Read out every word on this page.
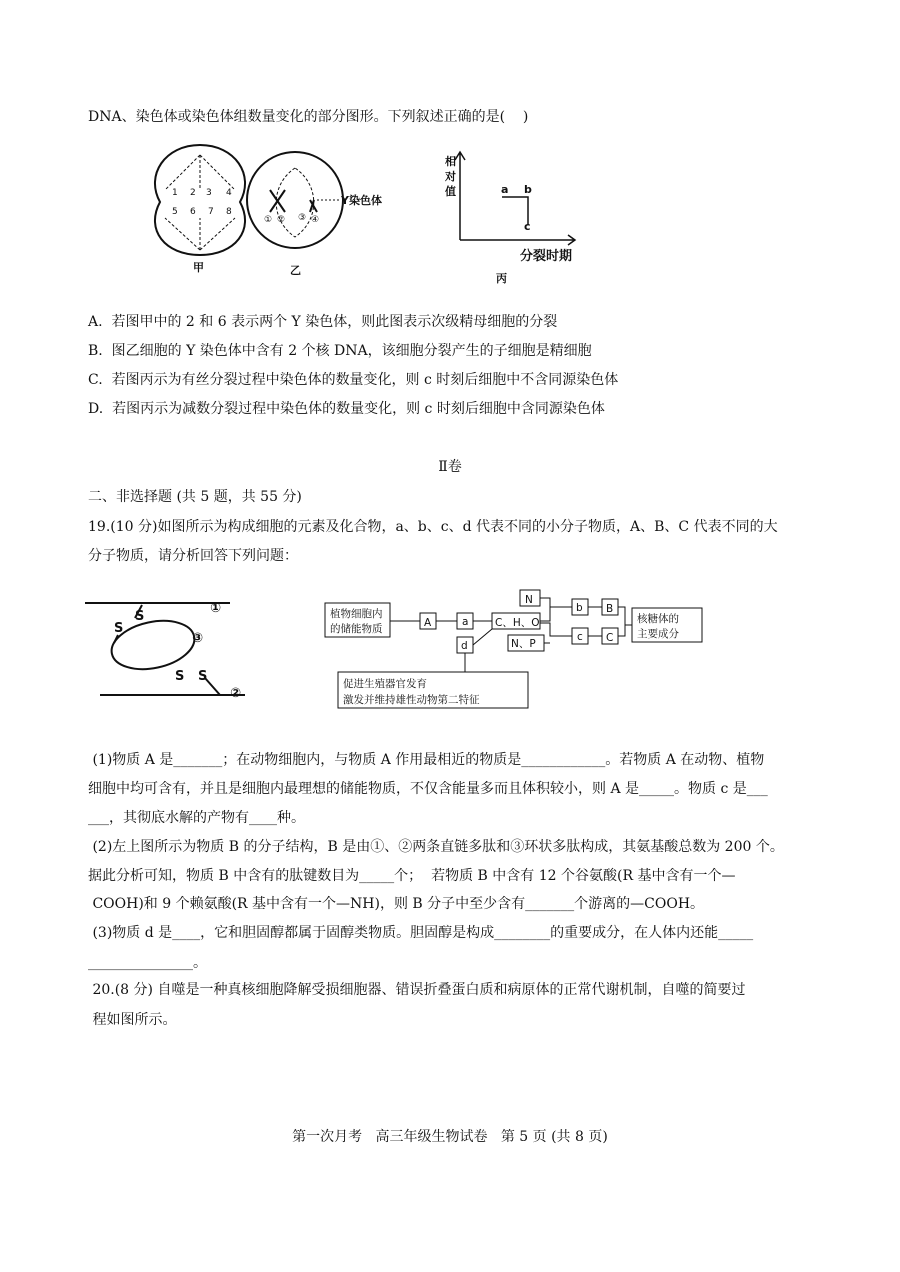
DNA、染色体或染色体组数量变化的部分图形。下列叙述正确的是(    )
1 2 3 4
5 6 7 8
① ② ③ ④
Y染色体
甲	乙
丙
相
对
值
分裂时期
a b
c
A.  若图甲中的 2 和 6 表示两个 Y 染色体，则此图表示次级精母细胞的分裂
B.  图乙细胞的 Y 染色体中含有 2 个核 DNA，该细胞分裂产生的子细胞是精细胞
C.  若图丙示为有丝分裂过程中染色体的数量变化，则 c 时刻后细胞中不含同源染色体
D.  若图丙示为减数分裂过程中染色体的数量变化，则 c 时刻后细胞中含同源染色体
Ⅱ卷
二、非选择题 (共 5 题，共 55 分)
19.(10 分)如图所示为构成细胞的元素及化合物，a、b、c、d 代表不同的小分子物质，A、B、C 代表不同的大
分子物质，请分析回答下列问题：
S
S
S S
①
②
③
植物细胞内
的储能物质	A	a	C、H、O
N
N、P
d
b B
c C
核糖体的
主要成分
促进生殖器官发育
激发并维持雄性动物第二特征
(1)物质 A 是_______；在动物细胞内，与物质 A 作用最相近的物质是____________。若物质 A 在动物、植物
细胞中均可含有，并且是细胞内最理想的储能物质，不仅含能量多而且体积较小，则 A 是_____。物质 c 是___
___，其彻底水解的产物有____种。
(2)左上图所示为物质 B 的分子结构，B 是由①、②两条直链多肽和③环状多肽构成，其氨基酸总数为 200 个。
据此分析可知，物质 B 中含有的肽键数目为_____个；  若物质 B 中含有 12 个谷氨酸(R 基中含有一个—
COOH)和 9 个赖氨酸(R 基中含有一个—NH)，则 B 分子中至少含有_______个游离的—COOH。
(3)物质 d 是____，它和胆固醇都属于固醇类物质。胆固醇是构成________的重要成分，在人体内还能_____
_______________。
20.(8 分) 自噬是一种真核细胞降解受损细胞器、错误折叠蛋白质和病原体的正常代谢机制，自噬的简要过
程如图所示。
第一次月考   高三年级生物试卷   第 5 页 (共 8 页)
